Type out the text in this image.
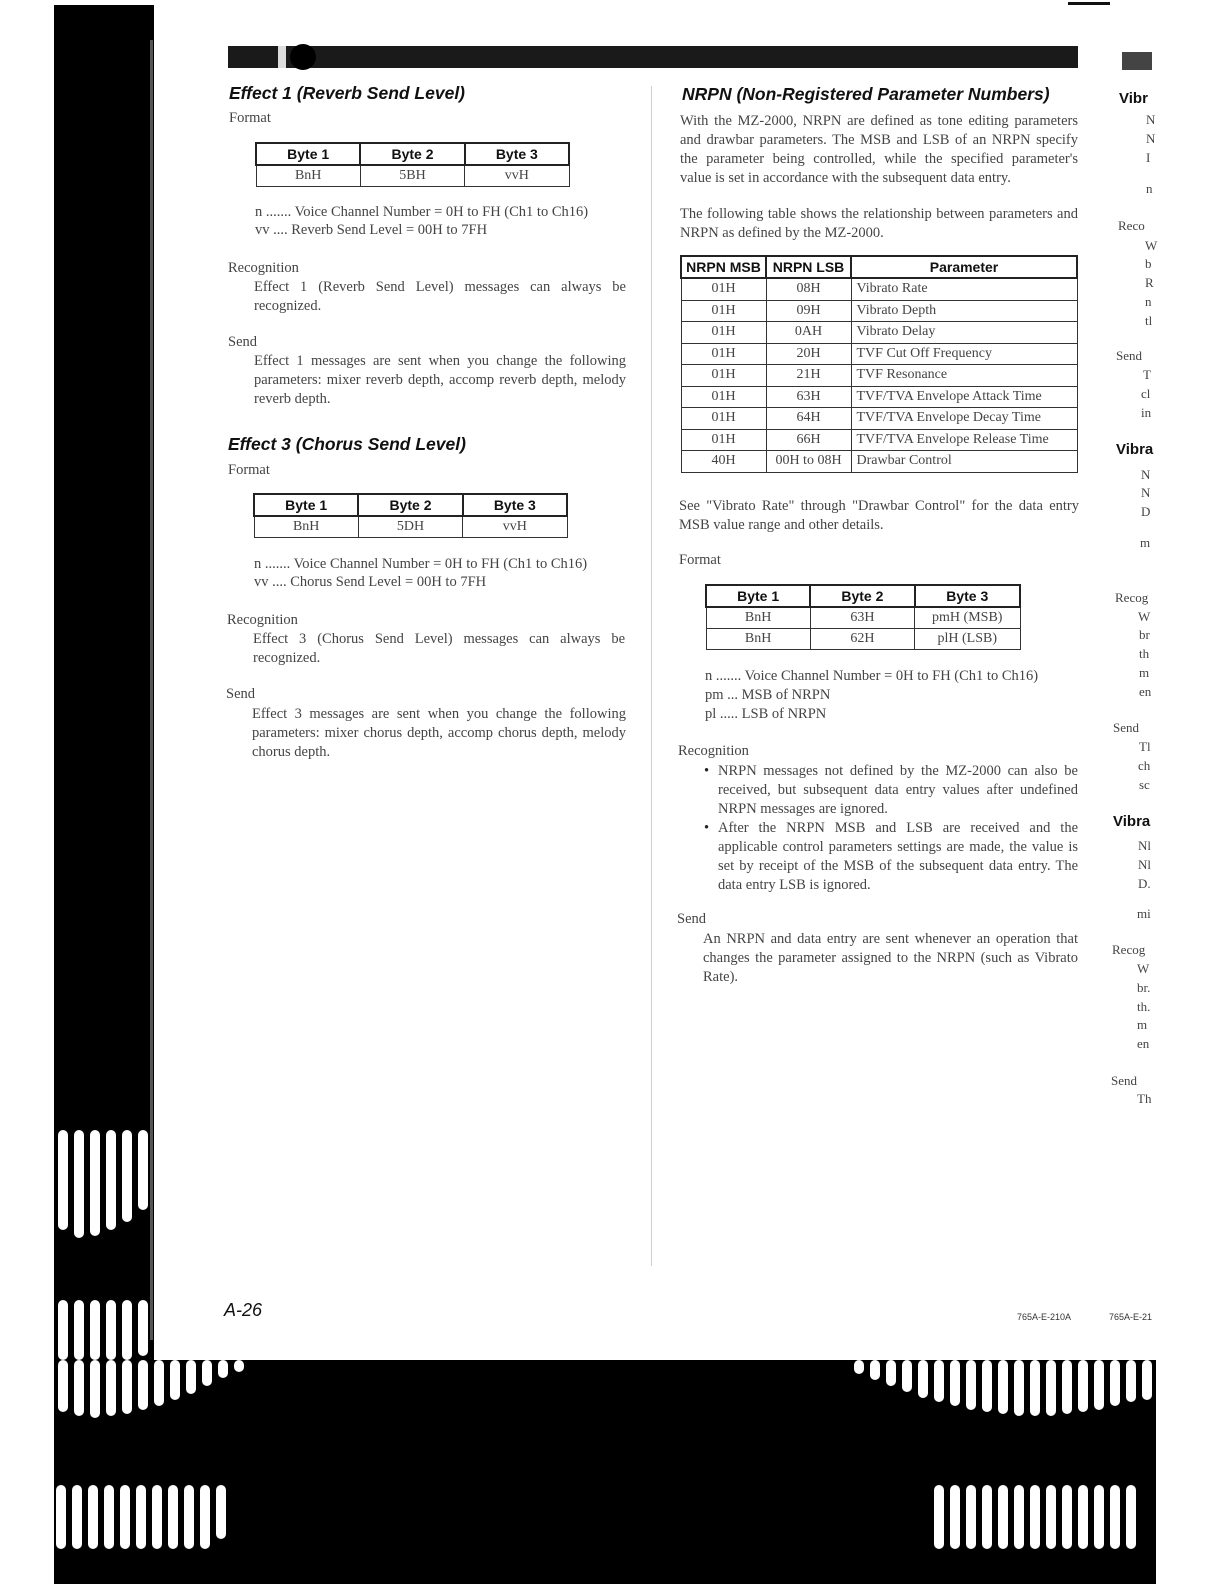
Effect 1 (Reverb Send Level)
Format
Byte 1	Byte 2	Byte 3
BnH	5BH	vvH
n ....... Voice Channel Number = 0H to FH (Ch1 to Ch16)
vv .... Reverb Send Level = 00H to 7FH
Recognition
Effect 1 (Reverb Send Level) messages can always be recognized.
Send
Effect 1 messages are sent when you change the following parameters: mixer reverb depth, accomp reverb depth, melody reverb depth.
Effect 3 (Chorus Send Level)
Format
Byte 1	Byte 2	Byte 3
BnH	5DH	vvH
n ....... Voice Channel Number = 0H to FH (Ch1 to Ch16)
vv .... Chorus Send Level = 00H to 7FH
Recognition
Effect 3 (Chorus Send Level) messages can always be recognized.
Send
Effect 3 messages are sent when you change the following parameters: mixer chorus depth, accomp chorus depth, melody chorus depth.
NRPN (Non-Registered Parameter Numbers)
With the MZ-2000, NRPN are defined as tone editing parameters and drawbar parameters. The MSB and LSB of an NRPN specify the parameter being controlled, while the specified parameter's value is set in accordance with the subsequent data entry.
The following table shows the relationship between parameters and NRPN as defined by the MZ-2000.
NRPN MSB	NRPN LSB	Parameter
01H	08H	Vibrato Rate
01H	09H	Vibrato Depth
01H	0AH	Vibrato Delay
01H	20H	TVF Cut Off Frequency
01H	21H	TVF Resonance
01H	63H	TVF/TVA Envelope Attack Time
01H	64H	TVF/TVA Envelope Decay Time
01H	66H	TVF/TVA Envelope Release Time
40H	00H to 08H	Drawbar Control
See "Vibrato Rate" through "Drawbar Control" for the data entry MSB value range and other details.
Format
Byte 1	Byte 2	Byte 3
BnH	63H	pmH (MSB)
BnH	62H	plH (LSB)
n ....... Voice Channel Number = 0H to FH (Ch1 to Ch16)
pm ... MSB of NRPN
pl ..... LSB of NRPN
Recognition
• NRPN messages not defined by the MZ-2000 can also be received, but subsequent data entry values after undefined NRPN messages are ignored.
• After the NRPN MSB and LSB are received and the applicable control parameters settings are made, the value is set by receipt of the MSB of the subsequent data entry. The data entry LSB is ignored.
Send
An NRPN and data entry are sent whenever an operation that changes the parameter assigned to the NRPN (such as Vibrato Rate).
A-26	765A-E-210A	765A-E-21
Vibr
Reco
W
b
R
n
tl
Send
T
cl
in
Vibra
N
N
D
m
Recog
W
br
th
m
en
Send
Tl
ch
sc
Vibra
Nl
Nl
D.
mi
Recog
W
br.
th.
m
en
Send
Th
N
N
I
n
